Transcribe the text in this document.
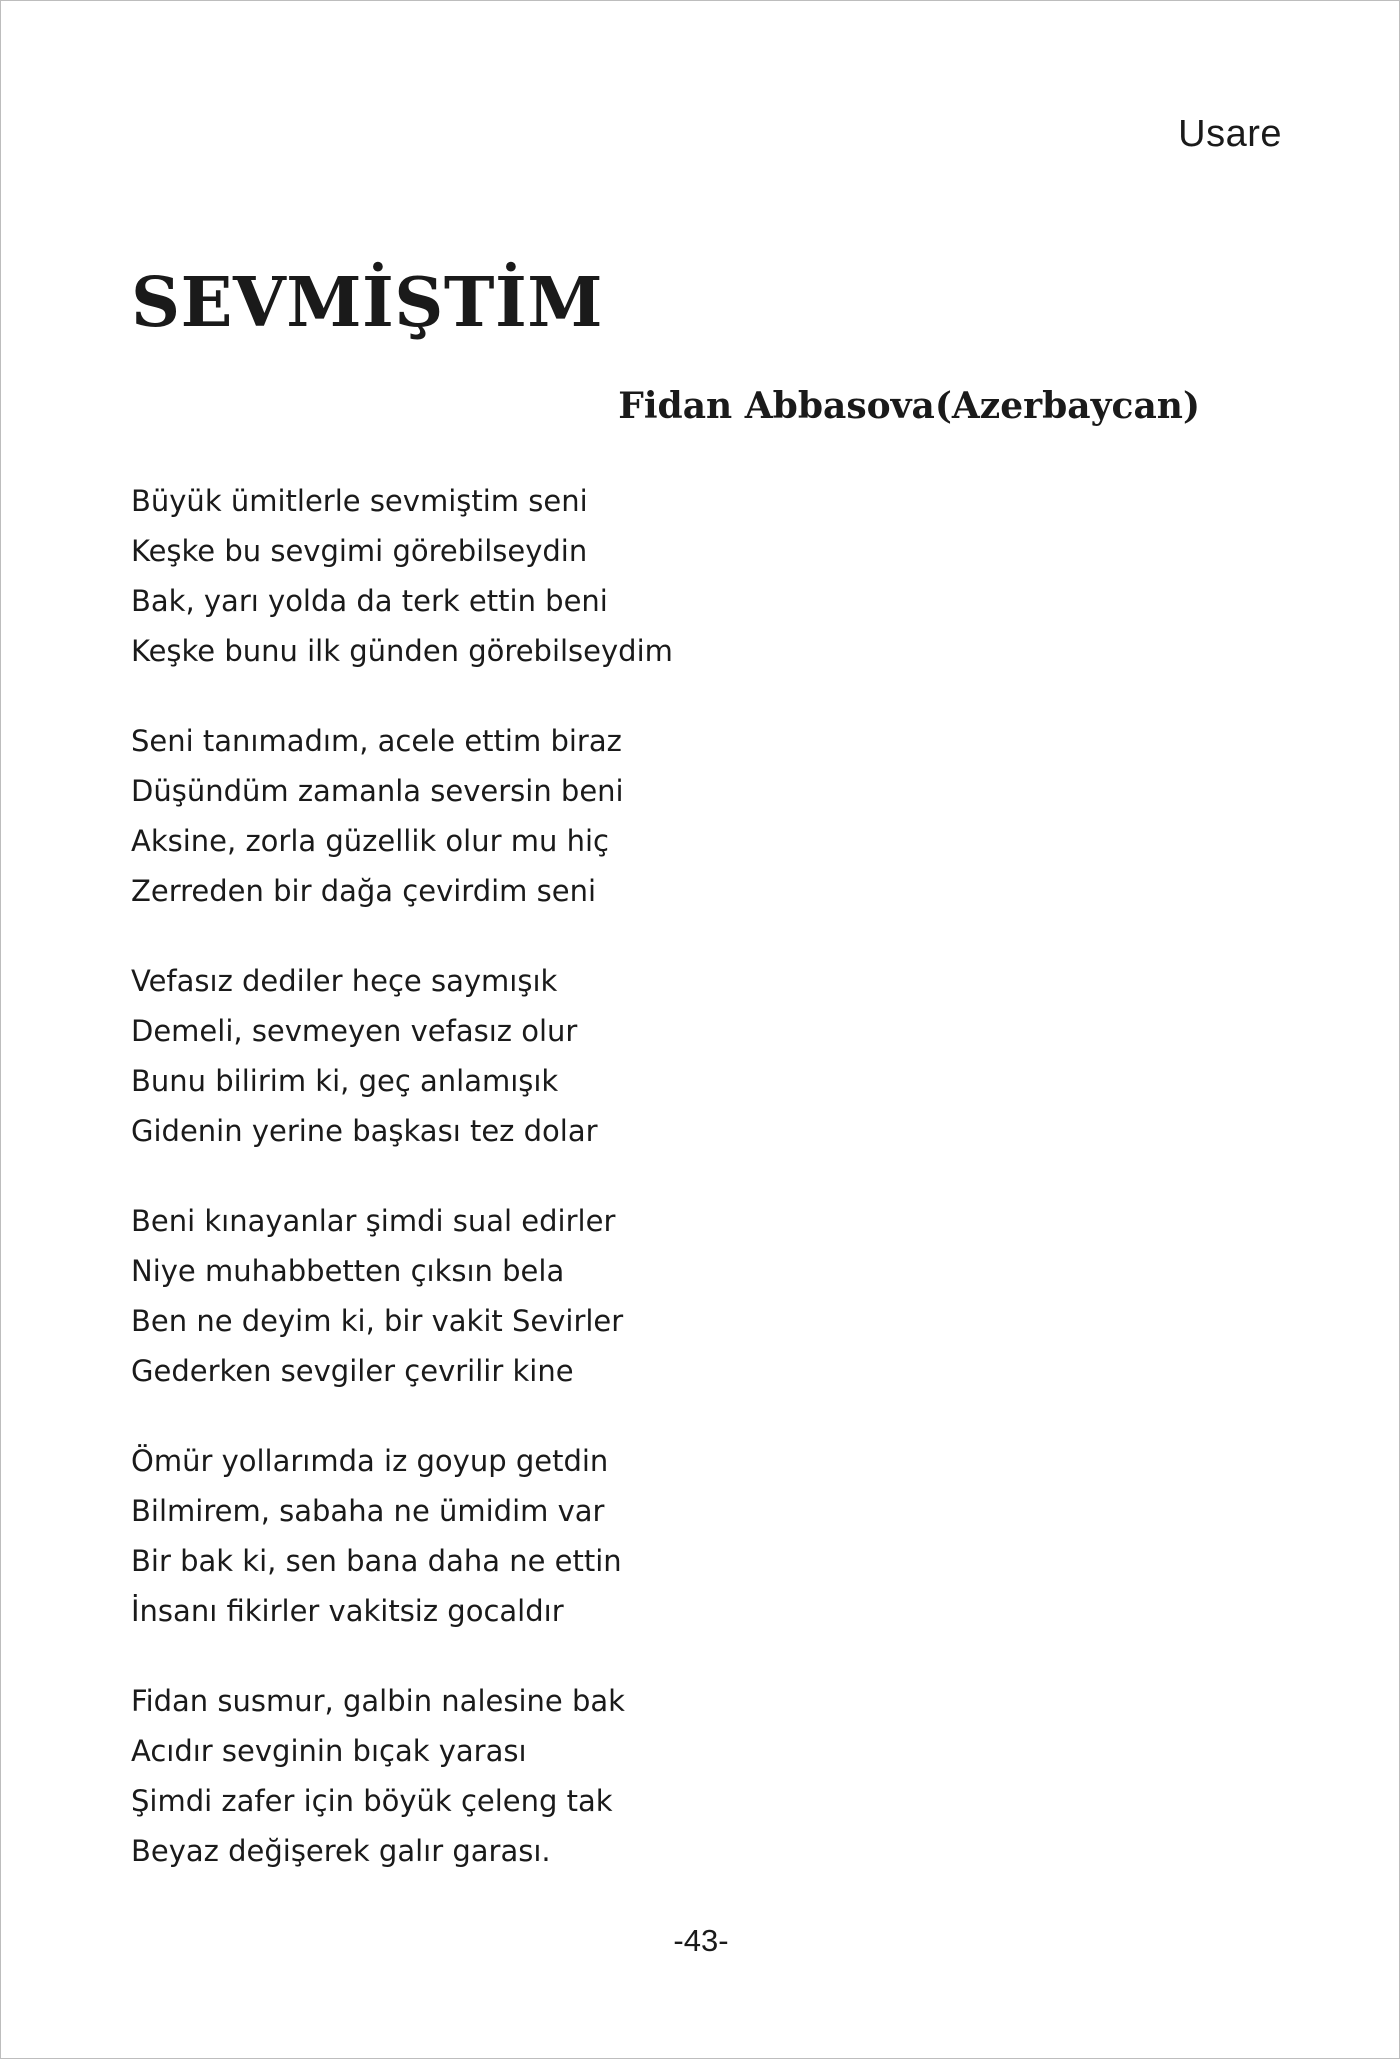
Usare
SEVMİŞTİM
Fidan Abbasova(Azerbaycan)
Büyük ümitlerle sevmiştim seni
Keşke bu sevgimi görebilseydin
Bak, yarı yolda da terk ettin beni
Keşke bunu ilk günden görebilseydim
Seni tanımadım, acele ettim biraz
Düşündüm zamanla seversin beni
Aksine, zorla güzellik olur mu hiç
Zerreden bir dağa çevirdim seni
Vefasız dediler heçe saymışık
Demeli, sevmeyen vefasız olur
Bunu bilirim ki, geç anlamışık
Gidenin yerine başkası tez dolar
Beni kınayanlar şimdi sual edirler
Niye muhabbetten çıksın bela
Ben ne deyim ki, bir vakit Sevirler
Gederken sevgiler çevrilir kine
Ömür yollarımda iz goyup getdin
Bilmirem, sabaha ne ümidim var
Bir bak ki, sen bana daha ne ettin
İnsanı fikirler vakitsiz gocaldır
Fidan susmur, galbin nalesine bak
Acıdır sevginin bıçak yarası
Şimdi zafer için böyük çeleng tak
Beyaz değişerek galır garası.
-43-
